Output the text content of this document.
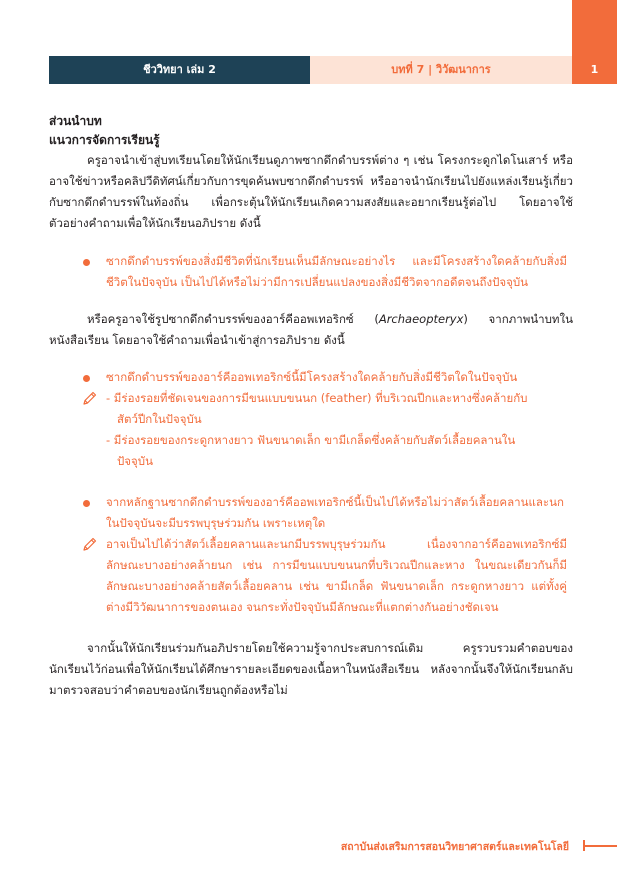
ชีววิทยา เล่ม 2	บทที่ 7 | วิวัฒนาการ	1
ส่วนนำบท
แนวการจัดการเรียนรู้

ครูอาจนำเข้าสู่บทเรียนโดยให้นักเรียนดูภาพซากดึกดำบรรพ์ต่าง ๆ เช่น โครงกระดูกไดโนเสาร์ หรืออาจใช้ข่าวหรือคลิปวีดิทัศน์เกี่ยวกับการขุดค้นพบซากดึกดำบรรพ์ หรืออาจนำนักเรียนไปยังแหล่งเรียนรู้เกี่ยวกับซากดึกดำบรรพ์ในท้องถิ่น เพื่อกระตุ้นให้นักเรียนเกิดความสงสัยและอยากเรียนรู้ต่อไป โดยอาจใช้ตัวอย่างคำถามเพื่อให้นักเรียนอภิปราย ดังนี้

ซากดึกดำบรรพ์ของสิ่งมีชีวิตที่นักเรียนเห็นมีลักษณะอย่างไร และมีโครงสร้างใดคล้ายกับสิ่งมีชีวิตในปัจจุบัน เป็นไปได้หรือไม่ว่ามีการเปลี่ยนแปลงของสิ่งมีชีวิตจากอดีตจนถึงปัจจุบัน

หรือครูอาจใช้รูปซากดึกดำบรรพ์ของอาร์คีออพเทอริกซ์ (Archaeopteryx) จากภาพนำบทในหนังสือเรียน โดยอาจใช้คำถามเพื่อนำเข้าสู่การอภิปราย ดังนี้

ซากดึกดำบรรพ์ของอาร์คีออพเทอริกซ์นี้มีโครงสร้างใดคล้ายกับสิ่งมีชีวิตใดในปัจจุบัน
- มีร่องรอยที่ชัดเจนของการมีขนแบบขนนก (feather) ที่บริเวณปีกและหางซึ่งคล้ายกับ
สัตว์ปีกในปัจจุบัน
- มีร่องรอยของกระดูกหางยาว ฟันขนาดเล็ก ขามีเกล็ดซึ่งคล้ายกับสัตว์เลื้อยคลานใน
ปัจจุบัน
จากหลักฐานซากดึกดำบรรพ์ของอาร์คีออพเทอริกซ์นี้เป็นไปได้หรือไม่ว่าสัตว์เลื้อยคลานและนกในปัจจุบันจะมีบรรพบุรุษร่วมกัน เพราะเหตุใด
อาจเป็นไปได้ว่าสัตว์เลื้อยคลานและนกมีบรรพบุรุษร่วมกัน เนื่องจากอาร์คีออพเทอริกซ์มีลักษณะบางอย่างคล้ายนก เช่น การมีขนแบบขนนกที่บริเวณปีกและหาง ในขณะเดียวกันก็มีลักษณะบางอย่างคล้ายสัตว์เลื้อยคลาน เช่น ขามีเกล็ด ฟันขนาดเล็ก กระดูกหางยาว แต่ทั้งคู่ต่างมีวิวัฒนาการของตนเอง จนกระทั่งปัจจุบันมีลักษณะที่แตกต่างกันอย่างชัดเจน

จากนั้นให้นักเรียนร่วมกันอภิปรายโดยใช้ความรู้จากประสบการณ์เดิม ครูรวบรวมคำตอบของนักเรียนไว้ก่อนเพื่อให้นักเรียนได้ศึกษารายละเอียดของเนื้อหาในหนังสือเรียน หลังจากนั้นจึงให้นักเรียนกลับมาตรวจสอบว่าคำตอบของนักเรียนถูกต้องหรือไม่

สถาบันส่งเสริมการสอนวิทยาศาสตร์และเทคโนโลยี
